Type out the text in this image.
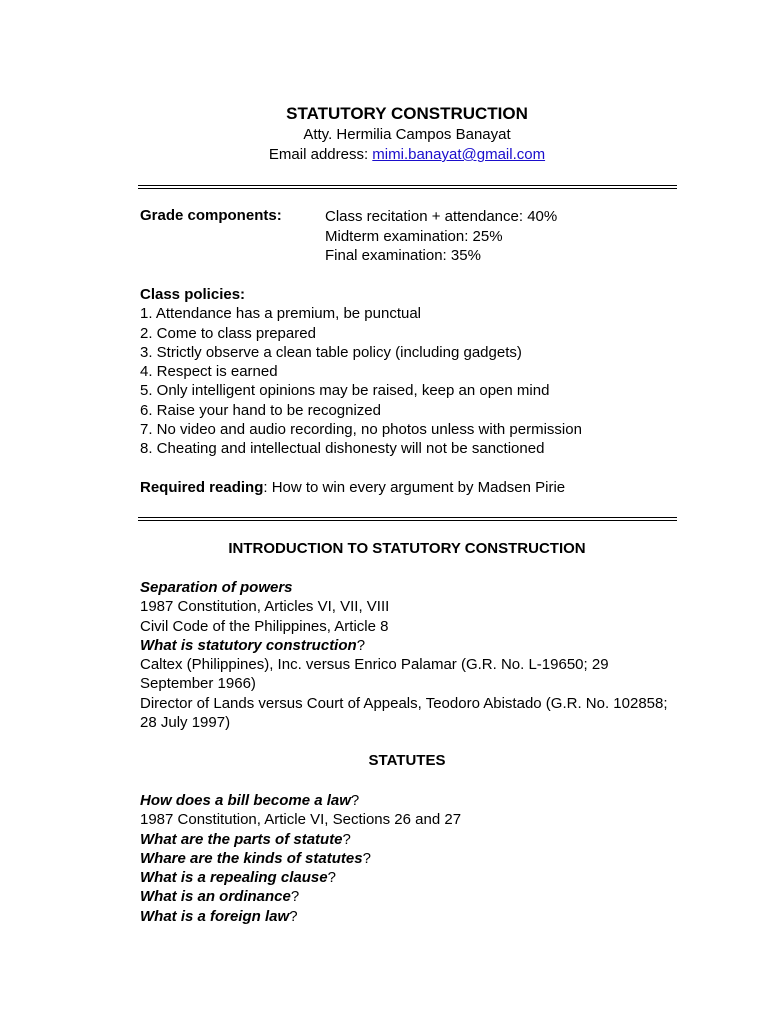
STATUTORY CONSTRUCTION

Atty. Hermilia Campos Banayat

Email address: mimi.banayat@gmail.com

Grade components:	Class recitation + attendance: 40%

Midterm examination: 25%

Final examination: 35%

Class policies:

1. Attendance has a premium, be punctual

2. Come to class prepared

3. Strictly observe a clean table policy (including gadgets)

4. Respect is earned

5. Only intelligent opinions may be raised, keep an open mind

6. Raise your hand to be recognized

7. No video and audio recording, no photos unless with permission

8. Cheating and intellectual dishonesty will not be sanctioned

Required reading: How to win every argument by Madsen Pirie

INTRODUCTION TO STATUTORY CONSTRUCTION

Separation of powers

1987 Constitution, Articles VI, VII, VIII

Civil Code of the Philippines, Article 8

What is statutory construction?

Caltex (Philippines), Inc. versus Enrico Palamar (G.R. No. L-19650; 29 September 1966)

Director of Lands versus Court of Appeals, Teodoro Abistado (G.R. No. 102858; 28 July 1997)

STATUTES

How does a bill become a law?

1987 Constitution, Article VI, Sections 26 and 27

What are the parts of statute?

Whare are the kinds of statutes?

What is a repealing clause?

What is an ordinance?

What is a foreign law?
